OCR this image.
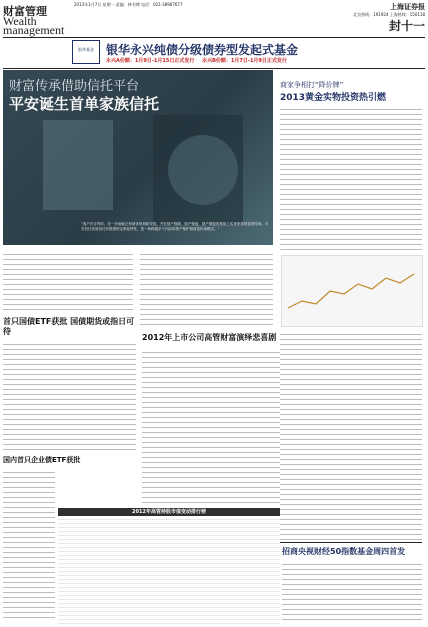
财富管理
Wealth management
2013年1月7日 星期一 责编：林书博 电话：021-38967677	上海证券报
北京热线：191924 上海热线：150118
封十一
银华基金	银华永兴纯债分级债券型发起式基金
永兴A份额：1月9日-1月15日正式发行 永兴B份额：1月7日-1月9日正式发行
财富传承借助信托平台
平安诞生首单家族信托
“客户在订约时，在一开始就已有财务规划和安排，并在财产保障，财产保值，财产增值的基础上实现家族财富的传承。平安信托家族信托有很强的定制化特性，是一种跨越多个代际的资产保护和财富传承模式。”
商家争相打“降价牌”
2013黄金实物投资热引燃
首只国债ETF获批 国债期货或指日可待
2012年上市公司高管财富演绎悲喜剧
国内首只企业债ETF获批
2012年高管持股市值变动排行榜
招商央视财经50指数基金周四首发
